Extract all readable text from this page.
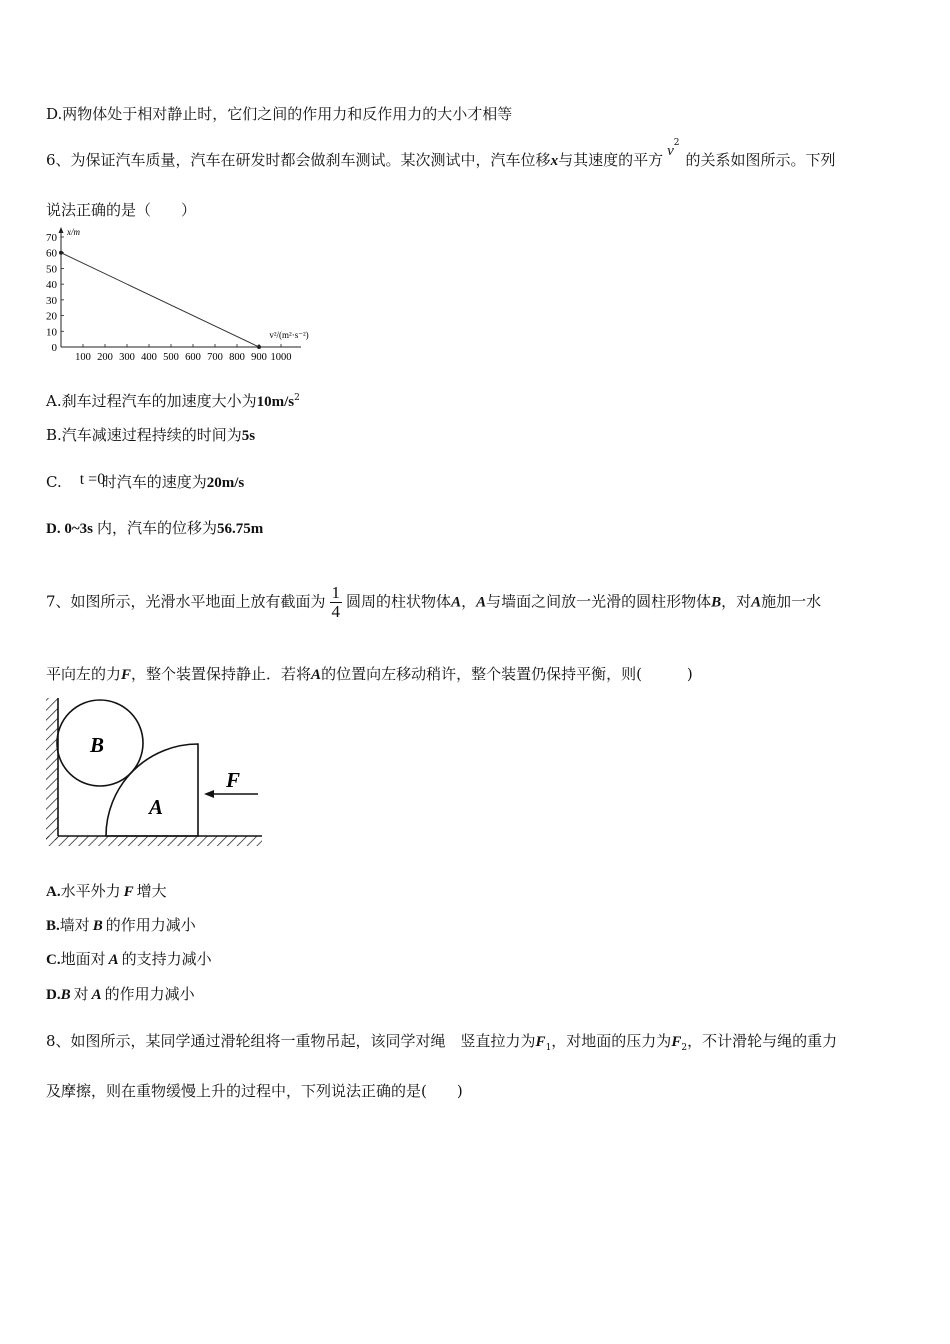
D.两物体处于相对静止时，它们之间的作用力和反作用力的大小才相等
6、为保证汽车质量，汽车在研发时都会做刹车测试。某次测试中，汽车位移x与其速度的平方 $v^2$的关系如图所示。下列
说法正确的是（　　）
0
10
20
30
40
50
60
70
100 200 300 400 500 600 700 800 900 1000
x/m
v²/(m²·s⁻²)
A.刹车过程汽车的加速度大小为$10m/s^2$
B.汽车减速过程持续的时间为5s
C. t =0
时汽车的速度为20m/s
D. 0~3s 内，汽车的位移为56.75m
7、如图所示，光滑水平地面上放有截面为 $\frac{1}{4}$ 圆周的柱状物体A，A与墙面之间放一光滑的圆柱形物体B，对A施加一水
平向左的力F，整个装置保持静止．若将A的位置向左移动稍许，整个装置仍保持平衡，则(　　　)
B
A
F
A.水平外力 F 增大
B.墙对 B 的作用力减小
C.地面对 A 的支持力减小
D.B 对 A 的作用力减小
8、如图所示，某同学通过滑轮组将一重物吊起，该同学对绳　竖直拉力为$F_1$，对地面的压力为$F_2$，不计滑轮与绳的重力
及摩擦，则在重物缓慢上升的过程中，下列说法正确的是(　　)
